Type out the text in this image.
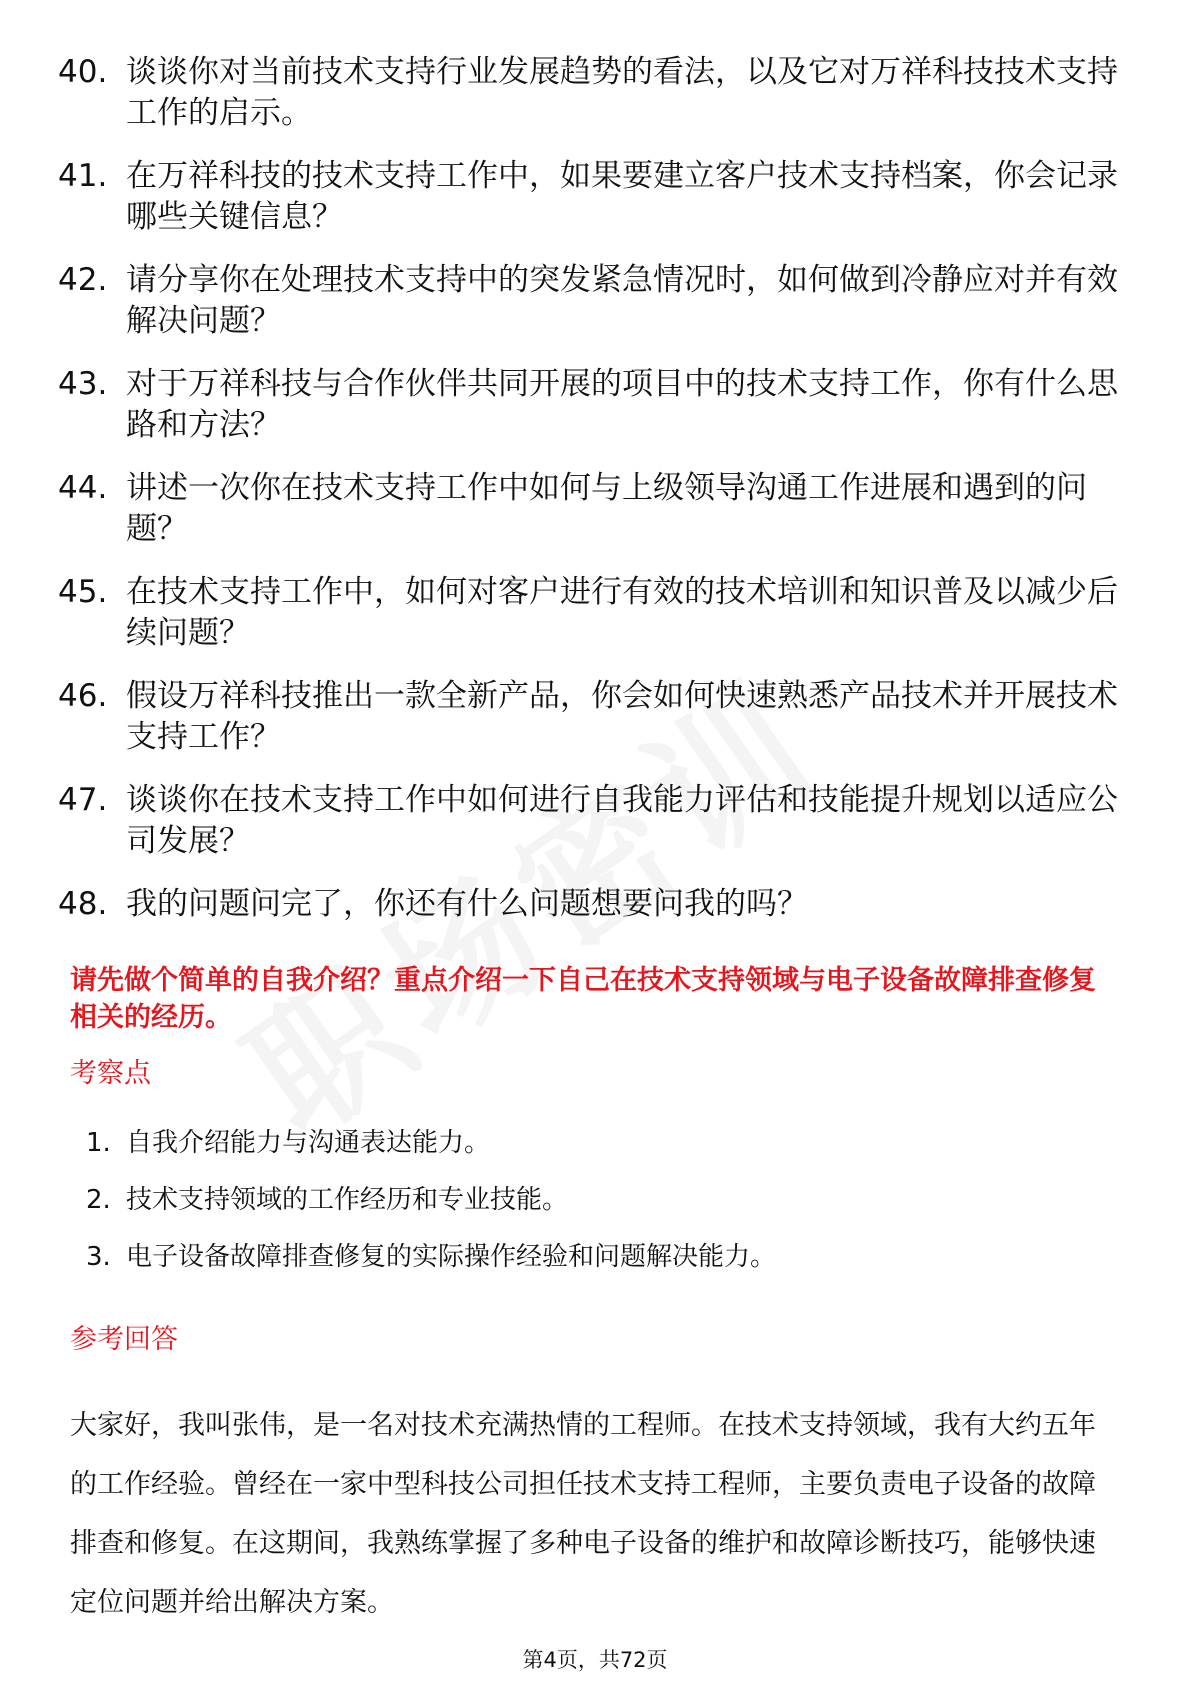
40. 谈谈你对当前技术支持行业发展趋势的看法，以及它对万祥科技技术支持工作的启示。
41. 在万祥科技的技术支持工作中，如果要建立客户技术支持档案，你会记录哪些关键信息？
42. 请分享你在处理技术支持中的突发紧急情况时，如何做到冷静应对并有效解决问题？
43. 对于万祥科技与合作伙伴共同开展的项目中的技术支持工作，你有什么思路和方法？
44. 讲述一次你在技术支持工作中如何与上级领导沟通工作进展和遇到的问题？
45. 在技术支持工作中，如何对客户进行有效的技术培训和知识普及以减少后续问题？
46. 假设万祥科技推出一款全新产品，你会如何快速熟悉产品技术并开展技术支持工作？
47. 谈谈你在技术支持工作中如何进行自我能力评估和技能提升规划以适应公司发展？
48. 我的问题问完了，你还有什么问题想要问我的吗？

请先做个简单的自我介绍？重点介绍一下自己在技术支持领域与电子设备故障排查修复相关的经历。

考察点

1. 自我介绍能力与沟通表达能力。
2. 技术支持领域的工作经历和专业技能。
3. 电子设备故障排查修复的实际操作经验和问题解决能力。

参考回答

大家好，我叫张伟，是一名对技术充满热情的工程师。在技术支持领域，我有大约五年的工作经验。曾经在一家中型科技公司担任技术支持工程师，主要负责电子设备的故障排查和修复。在这期间，我熟练掌握了多种电子设备的维护和故障诊断技巧，能够快速定位问题并给出解决方案。

第4页，共72页
